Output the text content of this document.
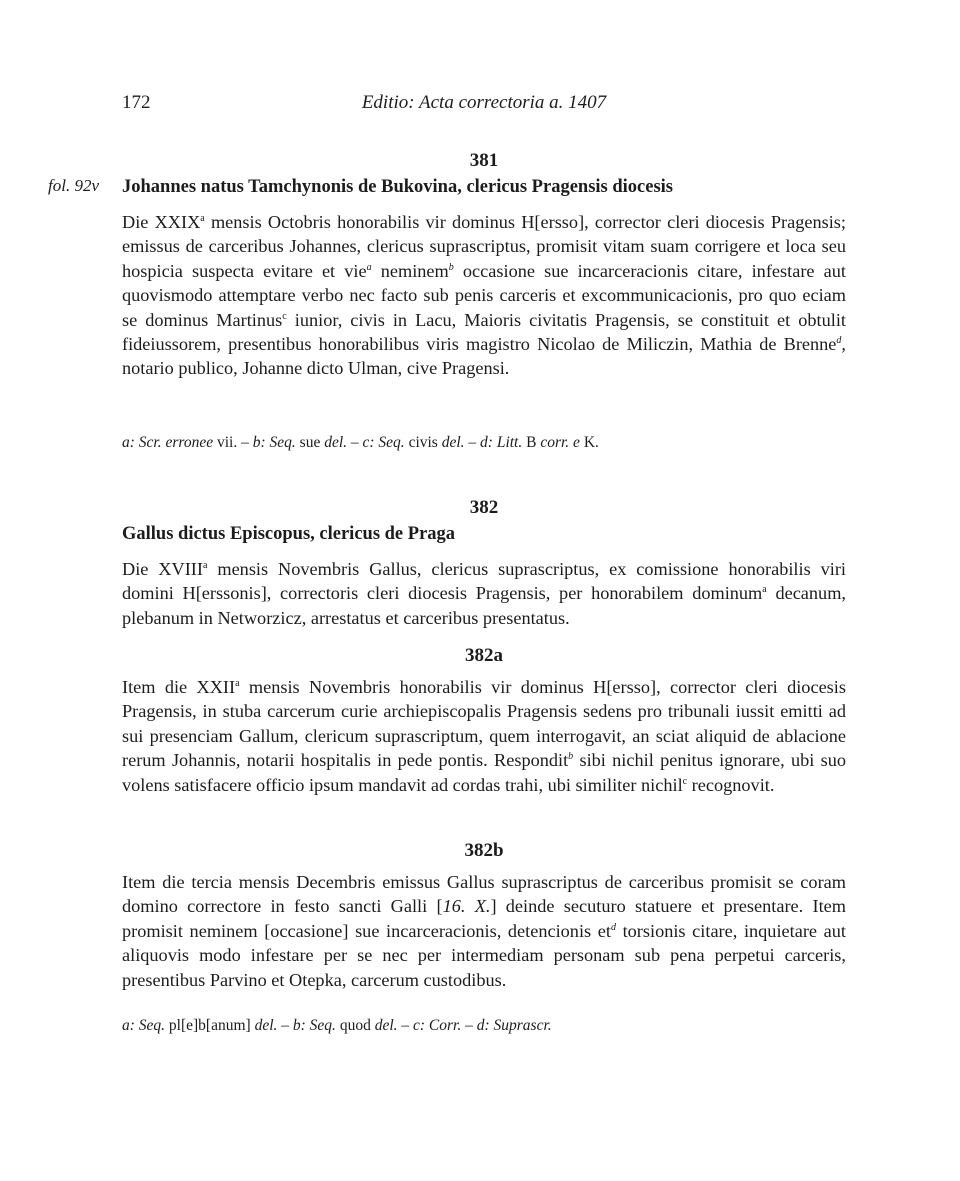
172	Editio: Acta correctoria a. 1407
fol. 92v
381
Johannes natus Tamchynonis de Bukovina, clericus Pragensis diocesis
Die XXIX$^a$ mensis Octobris honorabilis vir dominus H[ersso], corrector cleri diocesis Pragensis; emissus de carceribus Johannes, clericus suprascriptus, promisit vitam suam corrigere et loca seu hospicia suspecta evitare et vie$^a$ neminem$^b$ occasione sue incarceracionis citare, infestare aut quovismodo attemptare verbo nec facto sub penis carceris et excommunicacionis, pro quo eciam se dominus Martinus$^c$ iunior, civis in Lacu, Maioris civitatis Pragensis, se constituit et obtulit fideiussorem, presentibus honorabilibus viris magistro Nicolao de Miliczin, Mathia de Brenne$^d$, notario publico, Johanne dicto Ulman, cive Pragensi.
a: Scr. erronee vii. – b: Seq. sue del. – c: Seq. civis del. – d: Litt. B corr. e K.
382
Gallus dictus Episcopus, clericus de Praga
Die XVIII$^a$ mensis Novembris Gallus, clericus suprascriptus, ex comissione honorabilis viri domini H[erssonis], correctoris cleri diocesis Pragensis, per honorabilem dominum$^a$ decanum, plebanum in Networzicz, arrestatus et carceribus presentatus.
382a
Item die XXII$^a$ mensis Novembris honorabilis vir dominus H[ersso], corrector cleri diocesis Pragensis, in stuba carcerum curie archiepiscopalis Pragensis sedens pro tribunali iussit emitti ad sui presenciam Gallum, clericum suprascriptum, quem interrogavit, an sciat aliquid de ablacione rerum Johannis, notarii hospitalis in pede pontis. Respondit$^b$ sibi nichil penitus ignorare, ubi suo volens satisfacere officio ipsum mandavit ad cordas trahi, ubi similiter nichil$^c$ recognovit.
382b
Item die tercia mensis Decembris emissus Gallus suprascriptus de carceribus promisit se coram domino correctore in festo sancti Galli [16. X.] deinde secuturo statuere et presentare. Item promisit neminem [occasione] sue incarceracionis, detencionis $et^d$ torsionis citare, inquietare aut aliquovis modo infestare per se nec per intermediam personam sub pena perpetui carceris, presentibus Parvino et Otepka, carcerum custodibus.
a: Seq. pl[e]b[anum] del. – b: Seq. quod del. – c: Corr. – d: Suprascr.
